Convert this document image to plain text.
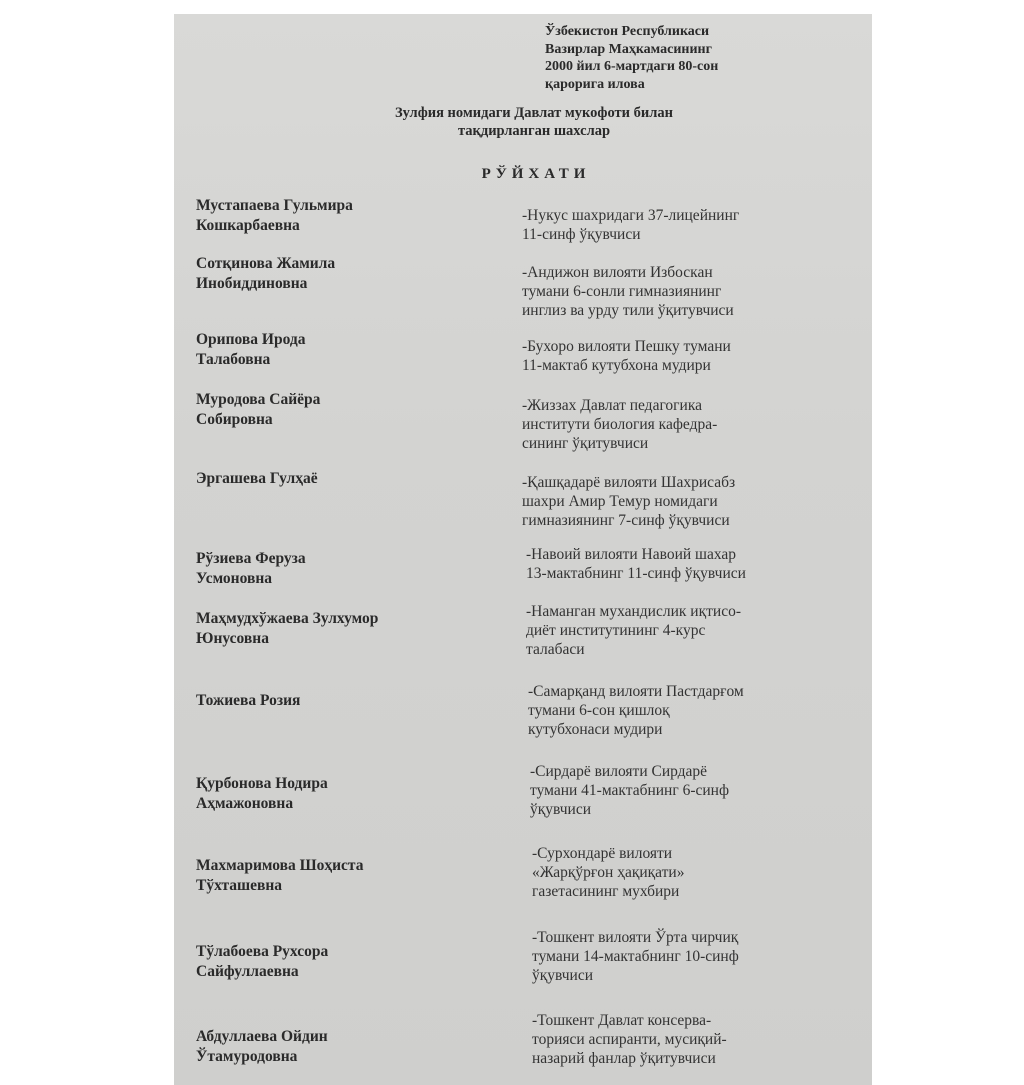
Ўзбекистон Республикаси
Вазирлар Маҳкамасининг
2000 йил 6-мартдаги 80-сон
қарорига илова
Зулфия номидаги Давлат мукофоти билан
тақдирланган шахслар
РЎЙХАТИ
Мустапаева Гульмира
Кошкарбаевна
-Нукус шахридаги 37-лицейнинг
11-синф ўқувчиси
Сотқинова Жамила
Инобиддиновна
-Андижон вилояти Избоскан
тумани 6-сонли гимназиянинг
инглиз ва урду тили ўқитувчиси
Орипова Ирода
Талабовна
-Бухоро вилояти Пешку тумани
11-мактаб кутубхона мудири
Муродова Сайёра
Собировна
-Жиззах Давлат педагогика
институти биология кафедра-
сининг ўқитувчиси
Эргашева Гулҳаё	-Қашқадарё вилояти Шахрисабз
шахри Амир Темур номидаги
гимназиянинг 7-синф ўқувчиси
Рўзиева Феруза
Усмоновна
-Навоий вилояти Навоий шахар
13-мактабнинг 11-синф ўқувчиси
Маҳмудхўжаева Зулхумор
Юнусовна
-Наманган мухандислик иқтисо-
диёт институтининг 4-курс
талабаси
Тожиева Розия
-Самарқанд вилояти Пастдарғом
тумани 6-сон қишлоқ
кутубхонаси мудири
Қурбонова Нодира
Аҳмажоновна
-Сирдарё вилояти Сирдарё
тумани 41-мактабнинг 6-синф
ўқувчиси
Махмаримова Шоҳиста
Тўхташевна
-Сурхондарё вилояти
«Жарқўрғон ҳақиқати»
газетасининг мухбири
Тўлабоева Рухсора
Сайфуллаевна
-Тошкент вилояти Ўрта чирчиқ
тумани 14-мактабнинг 10-синф
ўқувчиси
Абдуллаева Ойдин
Ўтамуродовна
-Тошкент Давлат консерва-
торияси аспиранти, мусиқий-
назарий фанлар ўқитувчиси
